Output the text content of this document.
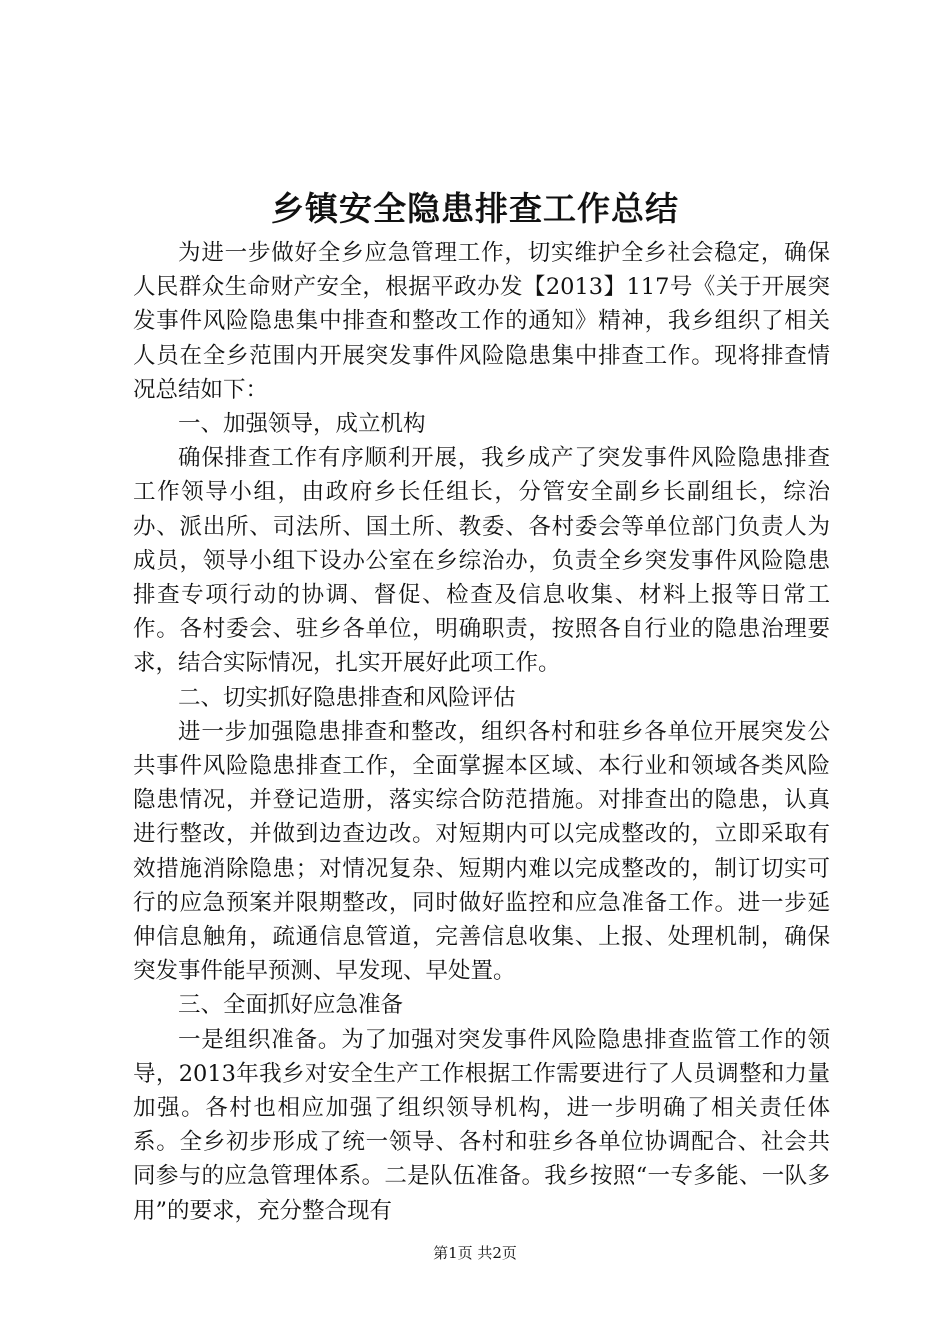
乡镇安全隐患排查工作总结

为进一步做好全乡应急管理工作，切实维护全乡社会稳定，确保人民群众生命财产安全，根据平政办发【2013】117号《关于开展突发事件风险隐患集中排查和整改工作的通知》精神，我乡组织了相关人员在全乡范围内开展突发事件风险隐患集中排查工作。现将排查情况总结如下：

一、加强领导，成立机构

确保排查工作有序顺利开展，我乡成产了突发事件风险隐患排查工作领导小组，由政府乡长任组长，分管安全副乡长副组长，综治办、派出所、司法所、国土所、教委、各村委会等单位部门负责人为成员，领导小组下设办公室在乡综治办，负责全乡突发事件风险隐患排查专项行动的协调、督促、检查及信息收集、材料上报等日常工作。各村委会、驻乡各单位，明确职责，按照各自行业的隐患治理要求，结合实际情况，扎实开展好此项工作。

二、切实抓好隐患排查和风险评估

进一步加强隐患排查和整改，组织各村和驻乡各单位开展突发公共事件风险隐患排查工作，全面掌握本区域、本行业和领域各类风险隐患情况，并登记造册，落实综合防范措施。对排查出的隐患，认真进行整改，并做到边查边改。对短期内可以完成整改的，立即采取有效措施消除隐患；对情况复杂、短期内难以完成整改的，制订切实可行的应急预案并限期整改，同时做好监控和应急准备工作。进一步延伸信息触角，疏通信息管道，完善信息收集、上报、处理机制，确保突发事件能早预测、早发现、早处置。

三、全面抓好应急准备

一是组织准备。为了加强对突发事件风险隐患排查监管工作的领导，2013年我乡对安全生产工作根据工作需要进行了人员调整和力量加强。各村也相应加强了组织领导机构，进一步明确了相关责任体系。全乡初步形成了统一领导、各村和驻乡各单位协调配合、社会共同参与的应急管理体系。二是队伍准备。我乡按照“一专多能、一队多用”的要求，充分整合现有

第1页 共2页
